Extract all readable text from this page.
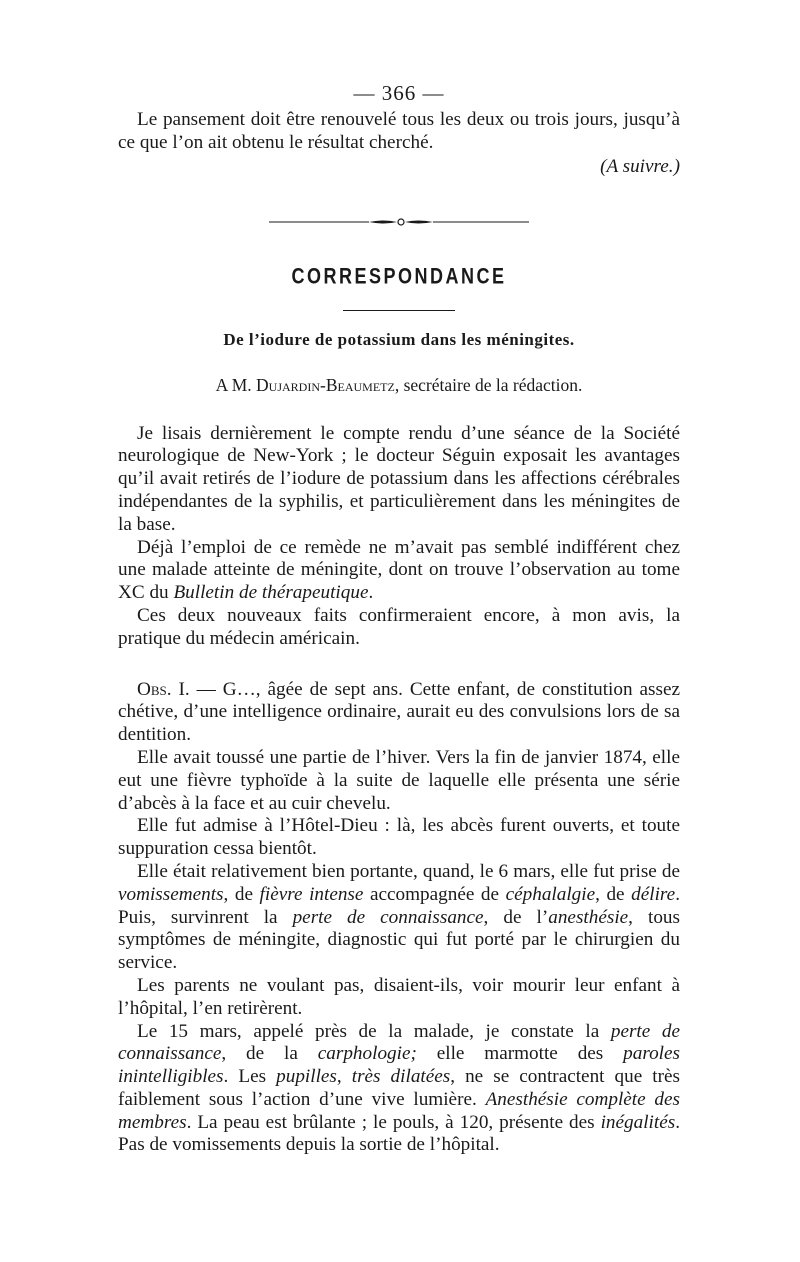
— 366 —

Le pansement doit être renouvelé tous les deux ou trois jours, jusqu’à ce que l’on ait obtenu le résultat cherché.

(A suivre.)

CORRESPONDANCE
De l’iodure de potassium dans les méningites.
A M. Dujardin-Beaumetz, secrétaire de la rédaction.

Je lisais dernièrement le compte rendu d’une séance de la Société neurologique de New-York ; le docteur Séguin exposait les avantages qu’il avait retirés de l’iodure de potassium dans les affections cérébrales indépendantes de la syphilis, et particulièrement dans les méningites de la base.

Déjà l’emploi de ce remède ne m’avait pas semblé indifférent chez une malade atteinte de méningite, dont on trouve l’observation au tome XC du Bulletin de thérapeutique.

Ces deux nouveaux faits confirmeraient encore, à mon avis, la pratique du médecin américain.

Obs. I. — G…, âgée de sept ans. Cette enfant, de constitution assez chétive, d’une intelligence ordinaire, aurait eu des convulsions lors de sa dentition.

Elle avait toussé une partie de l’hiver. Vers la fin de janvier 1874, elle eut une fièvre typhoïde à la suite de laquelle elle présenta une série d’abcès à la face et au cuir chevelu.

Elle fut admise à l’Hôtel-Dieu : là, les abcès furent ouverts, et toute suppuration cessa bientôt.

Elle était relativement bien portante, quand, le 6 mars, elle fut prise de vomissements, de fièvre intense accompagnée de céphalalgie, de délire. Puis, survinrent la perte de connaissance, de l’anesthésie, tous symptômes de méningite, diagnostic qui fut porté par le chirurgien du service.

Les parents ne voulant pas, disaient-ils, voir mourir leur enfant à l’hôpital, l’en retirèrent.

Le 15 mars, appelé près de la malade, je constate la perte de connaissance, de la carphologie; elle marmotte des paroles inintelligibles. Les pupilles, très dilatées, ne se contractent que très faiblement sous l’action d’une vive lumière. Anesthésie complète des membres. La peau est brûlante ; le pouls, à 120, présente des inégalités. Pas de vomissements depuis la sortie de l’hôpital.
